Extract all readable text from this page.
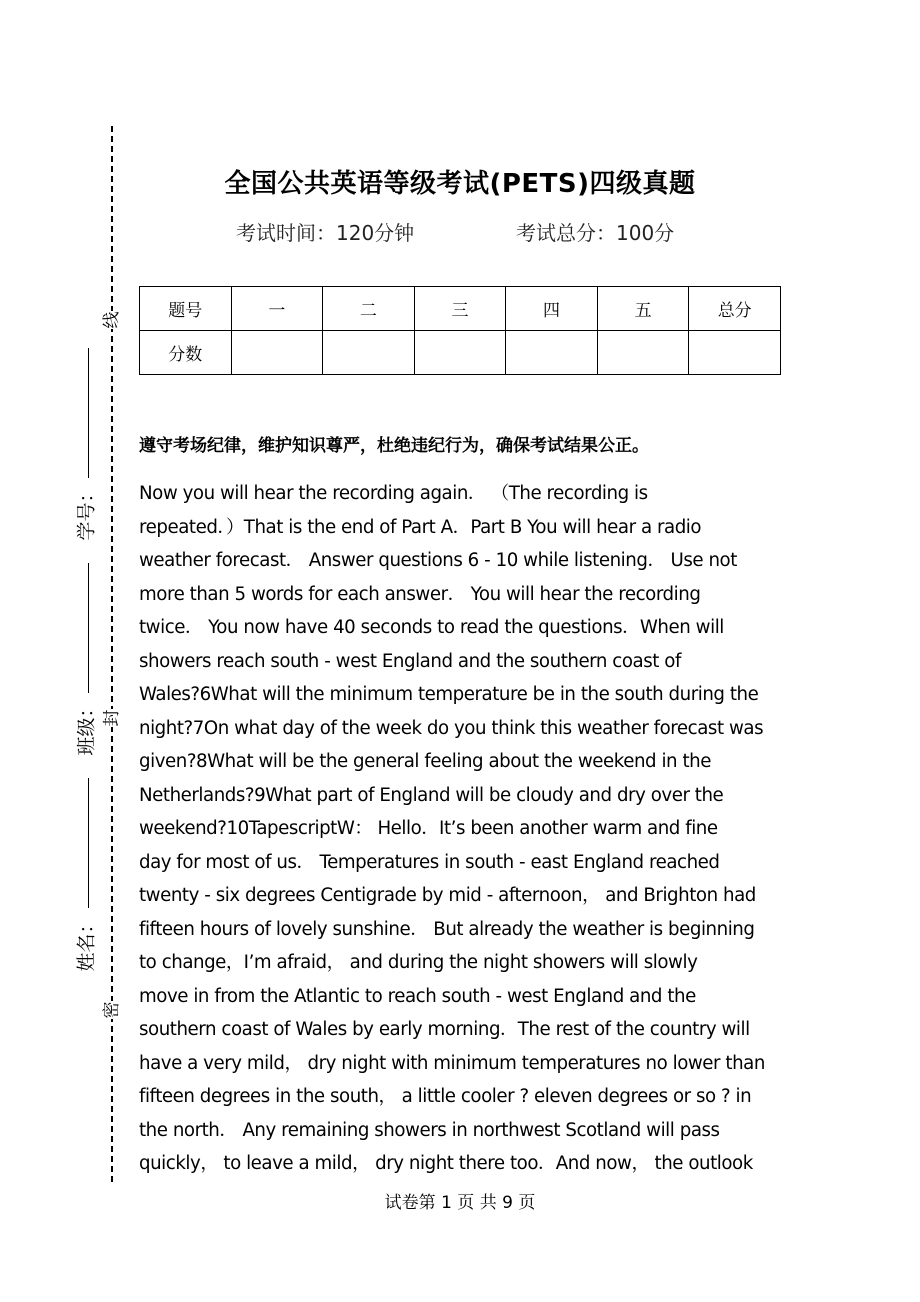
线
封
密
学号：
班级：
姓名：
全国公共英语等级考试(PETS)四级真题
考试时间：120分钟	考试总分：100分
题号	一	二	三	四	五	总分
分数						
遵守考场纪律，维护知识尊严，杜绝违纪行为，确保考试结果公正。
Now you will hear the recording again． （The recording is
repeated．）That is the end of Part A．Part B You will hear a radio
weather forecast． Answer questions 6 - 10 while listening． Use not
more than 5 words for each answer． You will hear the recording
twice． You now have 40 seconds to read the questions．When will
showers reach south - west England and the southern coast of
Wales?6What will the minimum temperature be in the south during the
night?7On what day of the week do you think this weather forecast was
given?8What will be the general feeling about the weekend in the
Netherlands?9What part of England will be cloudy and dry over the
weekend?10TapescriptW： Hello．It’s been another warm and fine
day for most of us． Temperatures in south - east England reached
twenty - six degrees Centigrade by mid - afternoon， and Brighton had
fifteen hours of lovely sunshine． But already the weather is beginning
to change，I’m afraid， and during the night showers will slowly
move in from the Atlantic to reach south - west England and the
southern coast of Wales by early morning．The rest of the country will
have a very mild， dry night with minimum temperatures no lower than
fifteen degrees in the south， a little cooler ? eleven degrees or so ? in
the north． Any remaining showers in northwest Scotland will pass
quickly， to leave a mild， dry night there too．And now， the outlook
试卷第 1 页 共 9 页
